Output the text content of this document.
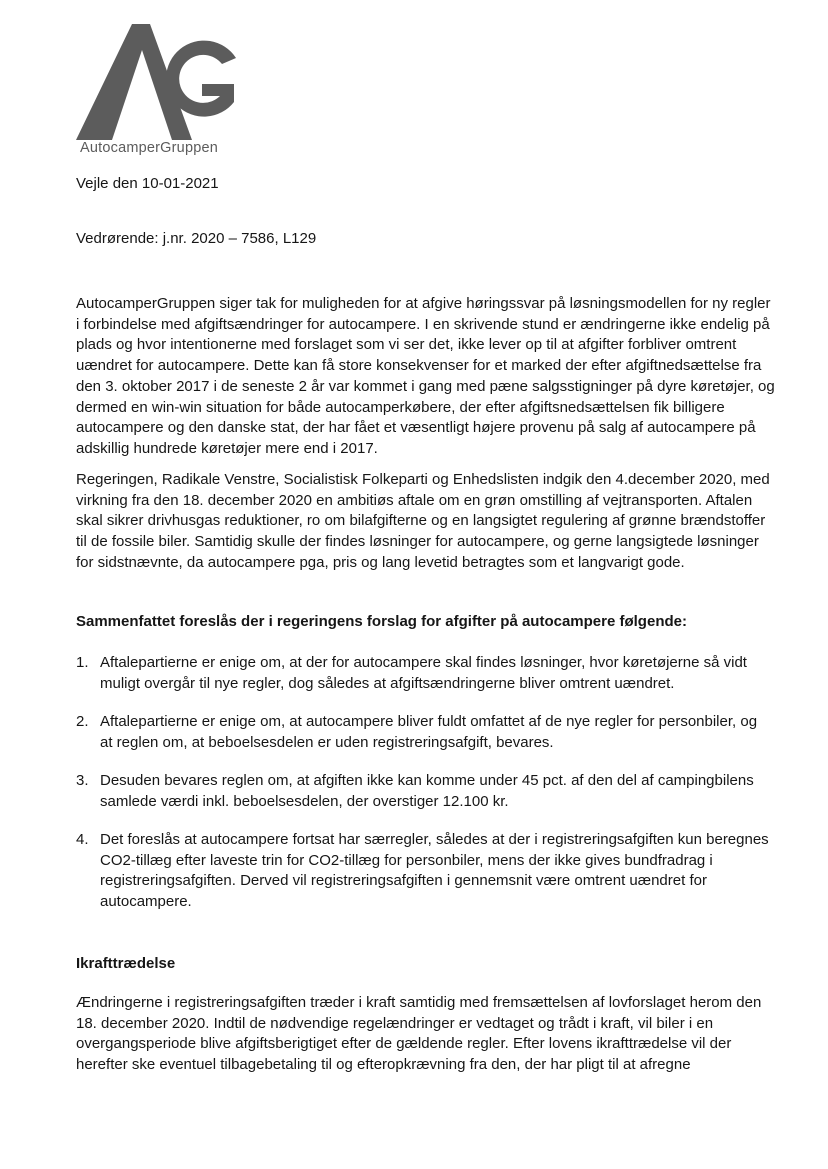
AutocamperGruppen
Vejle den 10-01-2021
Vedrørende: j.nr. 2020 – 7586, L129
AutocamperGruppen siger tak for muligheden for at afgive høringssvar på løsningsmodellen for ny regler i forbindelse med afgiftsændringer for autocampere. I en skrivende stund er ændringerne ikke endelig på plads og hvor intentionerne med forslaget som vi ser det, ikke lever op til at afgifter forbliver omtrent uændret for autocampere. Dette kan få store konsekvenser for et marked der efter afgiftnedsættelse fra den 3. oktober 2017 i de seneste 2 år var kommet i gang med pæne salgsstigninger på dyre køretøjer, og dermed en win-win situation for både autocamperkøbere, der efter afgiftsnedsættelsen fik billigere autocampere og den danske stat, der har fået et væsentligt højere provenu på salg af autocampere på adskillig hundrede køretøjer mere end i 2017.
Regeringen, Radikale Venstre, Socialistisk Folkeparti og Enhedslisten indgik den 4.december 2020, med virkning fra den 18. december 2020 en ambitiøs aftale om en grøn omstilling af vejtransporten. Aftalen skal sikrer drivhusgas reduktioner, ro om bilafgifterne og en langsigtet regulering af grønne brændstoffer til de fossile biler. Samtidig skulle der findes løsninger for autocampere, og gerne langsigtede løsninger for sidstnævnte, da autocampere pga, pris og lang levetid betragtes som et langvarigt gode.
Sammenfattet foreslås der i regeringens forslag for afgifter på autocampere følgende:
1. Aftalepartierne er enige om, at der for autocampere skal findes løsninger, hvor køretøjerne så vidt muligt overgår til nye regler, dog således at afgiftsændringerne bliver omtrent uændret.
2. Aftalepartierne er enige om, at autocampere bliver fuldt omfattet af de nye regler for personbiler, og at reglen om, at beboelsesdelen er uden registreringsafgift, bevares.
3. Desuden bevares reglen om, at afgiften ikke kan komme under 45 pct. af den del af campingbilens samlede værdi inkl. beboelsesdelen, der overstiger 12.100 kr.
4. Det foreslås at autocampere fortsat har særregler, således at der i registreringsafgiften kun beregnes CO2-tillæg efter laveste trin for CO2-tillæg for personbiler, mens der ikke gives bundfradrag i registreringsafgiften. Derved vil registreringsafgiften i gennemsnit være omtrent uændret for autocampere.
Ikrafttrædelse
Ændringerne i registreringsafgiften træder i kraft samtidig med fremsættelsen af lovforslaget herom den 18. december 2020. Indtil de nødvendige regelændringer er vedtaget og trådt i kraft, vil biler i en overgangsperiode blive afgiftsberigtiget efter de gældende regler. Efter lovens ikrafttrædelse vil der herefter ske eventuel tilbagebetaling til og efteropkrævning fra den, der har pligt til at afregne
